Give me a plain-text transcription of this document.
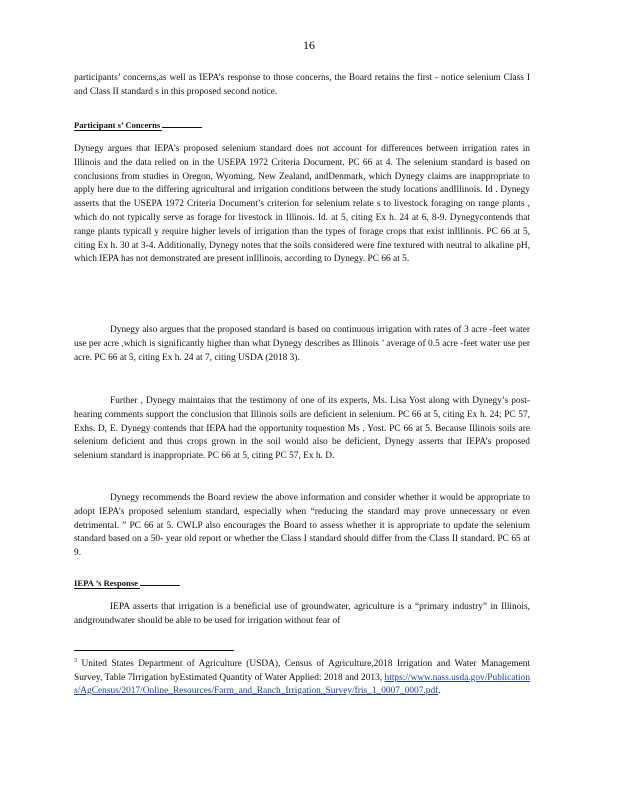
16
participants’ concerns,as well as IEPA’s response to those concerns, the Board retains the first - notice selenium Class I and Class II standard s in this proposed second notice.
Participant s’ Concerns
Dynegy argues that IEPA’s proposed selenium standard does not account for differences between irrigation rates in Illinois and the data relied on in the USEPA 1972 Criteria Document. PC 66 at 4. The selenium standard is based on conclusions from studies in Oregon, Wyoming, New Zealand, andDenmark, which Dynegy claims are inappropriate to apply here due to the differing agricultural and irrigation conditions between the study locations andIllinois. Id . Dynegy asserts that the USEPA 1972 Criteria Document’s criterion for selenium relate s to livestock foraging on range plants , which do not typically serve as forage for livestock in Illinois. Id. at 5, citing Ex h. 24 at 6, 8-9. Dynegycontends that range plants typicall y require higher levels of irrigation than the types of forage crops that exist inIllinois. PC 66 at 5, citing Ex h. 30 at 3-4. Additionally, Dynegy notes that the soils considered were fine textured with neutral to alkaline pH, which IEPA has not demonstrated are present inIllinois, according to Dynegy. PC 66 at 5.
Dynegy also argues that the proposed standard is based on continuous irrigation with rates of 3 acre -feet water use per acre ,which is significantly higher than what Dynegy describes as Illinois ’ average of 0.5 acre -feet water use per acre. PC 66 at 5, citing Ex h. 24 at 7, citing USDA (2018 3).
Further , Dynegy maintains that the testimony of one of its experts, Ms. Lisa Yost along with Dynegy’s post-hearing comments support the conclusion that Illinois soils are deficient in selenium. PC 66 at 5, citing Ex h. 24; PC 57, Exhs. D, E. Dynegy contends that IEPA had the opportunity toquestion Ms . Yost. PC 66 at 5. Because Illinois soils are selenium deficient and thus crops grown in the soil would also be deficient, Dynegy asserts that IEPA’s proposed selenium standard is inappropriate. PC 66 at 5, citing PC 57, Ex h. D.
Dynegy recommends the Board review the above information and consider whether it would be appropriate to adopt IEPA’s proposed selenium standard, especially when “reducing the standard may prove unnecessary or even detrimental. ” PC 66 at 5. CWLP also encourages the Board to assess whether it is appropriate to update the selenium standard based on a 50- year old report or whether the Class I standard should differ from the Class II standard. PC 65 at 9.
IEPA ’s Response
IEPA asserts that irrigation is a beneficial use of groundwater, agriculture is a “primary industry” in Illinois, andgroundwater should be able to be used for irrigation without fear of
$^3$ United States Department of Agriculture (USDA), Census of Agriculture,2018 Irrigation and Water Management Survey, Table 7Irrigation byEstimated Quantity of Water Applied: 2018 and 2013, https://www.nass.usda.gov/Publications/AgCensus/2017/Online_Resources/Farm_and_Ranch_Irrigation_Survey/fris_1_0007_0007.pdf.
